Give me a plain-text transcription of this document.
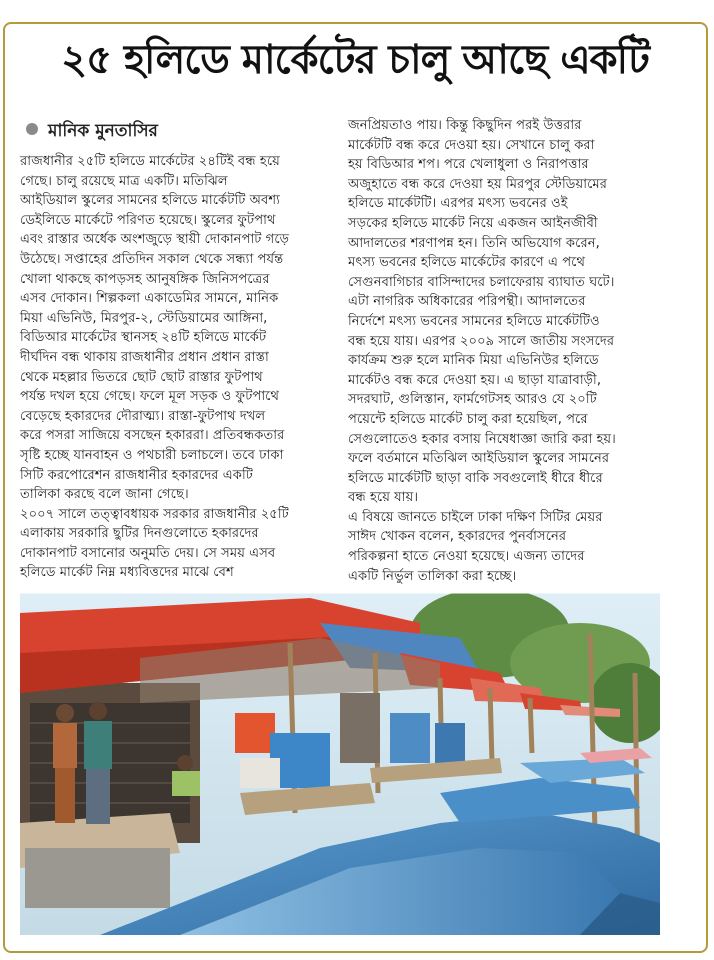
২৫ হলিডে মার্কেটের চালু আছে একটি
মানিক মুনতাসির

রাজধানীর ২৫টি হলিডে মার্কেটের ২৪টিই বন্ধ হয়ে

গেছে। চালু রয়েছে মাত্র একটি। মতিঝিল

আইডিয়াল স্কুলের সামনের হলিডে মার্কেটটি অবশ্য

ডেইলিডে মার্কেটে পরিণত হয়েছে। স্কুলের ফুটপাথ

এবং রাস্তার অর্ধেক অংশজুড়ে স্থায়ী দোকানপাট গড়ে

উঠেছে। সপ্তাহের প্রতিদিন সকাল থেকে সন্ধ্যা পর্যন্ত

খোলা থাকছে কাপড়সহ আনুষঙ্গিক জিনিসপত্রের

এসব দোকান। শিল্পকলা একাডেমির সামনে, মানিক

মিয়া এভিনিউ, মিরপুর-২, স্টেডিয়ামের আঙ্গিনা,

বিডিআর মার্কেটের স্থানসহ ২৪টি হলিডে মার্কেট

দীর্ঘদিন বন্ধ থাকায় রাজধানীর প্রধান প্রধান রাস্তা

থেকে মহল্লার ভিতরে ছোট ছোট রাস্তার ফুটপাথ

পর্যন্ত দখল হয়ে গেছে। ফলে মূল সড়ক ও ফুটপাথে

বেড়েছে হকারদের দৌরাত্ম্য। রাস্তা-ফুটপাথ দখল

করে পসরা সাজিয়ে বসছেন হকাররা। প্রতিবন্ধকতার

সৃষ্টি হচ্ছে যানবাহন ও পথচারী চলাচলে। তবে ঢাকা

সিটি করপোরেশন রাজধানীর হকারদের একটি

তালিকা করছে বলে জানা গেছে।

২০০৭ সালে তত্ত্বাবধায়ক সরকার রাজধানীর ২৫টি

এলাকায় সরকারি ছুটির দিনগুলোতে হকারদের

দোকানপাট বসানোর অনুমতি দেয়। সে সময় এসব

হলিডে মার্কেট নিম্ন মধ্যবিত্তদের মাঝে বেশ

জনপ্রিয়তাও পায়। কিন্তু কিছুদিন পরই উত্তরার

মার্কেটটি বন্ধ করে দেওয়া হয়। সেখানে চালু করা

হয় বিডিআর শপ। পরে খেলাধুলা ও নিরাপত্তার

অজুহাতে বন্ধ করে দেওয়া হয় মিরপুর স্টেডিয়ামের

হলিডে মার্কেটটি। এরপর মৎস্য ভবনের ওই

সড়কের হলিডে মার্কেট নিয়ে একজন আইনজীবী

আদালতের শরণাপন্ন হন। তিনি অভিযোগ করেন,

মৎস্য ভবনের হলিডে মার্কেটের কারণে এ পথে

সেগুনবাগিচার বাসিন্দাদের চলাফেরায় ব্যাঘাত ঘটে।

এটা নাগরিক অধিকারের পরিপন্থী। আদালতের

নির্দেশে মৎস্য ভবনের সামনের হলিডে মার্কেটটিও

বন্ধ হয়ে যায়। এরপর ২০০৯ সালে জাতীয় সংসদের

কার্যক্রম শুরু হলে মানিক মিয়া এভিনিউর হলিডে

মার্কেটও বন্ধ করে দেওয়া হয়। এ ছাড়া যাত্রাবাড়ী,

সদরঘাট, গুলিস্তান, ফার্মগেটসহ আরও যে ২০টি

পয়েন্টে হলিডে মার্কেট চালু করা হয়েছিল, পরে

সেগুলোতেও হকার বসায় নিষেধাজ্ঞা জারি করা হয়।

ফলে বর্তমানে মতিঝিল আইডিয়াল স্কুলের সামনের

হলিডে মার্কেটটি ছাড়া বাকি সবগুলোই ধীরে ধীরে

বন্ধ হয়ে যায়।

এ বিষয়ে জানতে চাইলে ঢাকা দক্ষিণ সিটির মেয়র

সাঈদ খোকন বলেন, হকারদের পুনর্বাসনের

পরিকল্পনা হাতে নেওয়া হয়েছে। এজন্য তাদের

একটি নির্ভুল তালিকা করা হচ্ছে।
